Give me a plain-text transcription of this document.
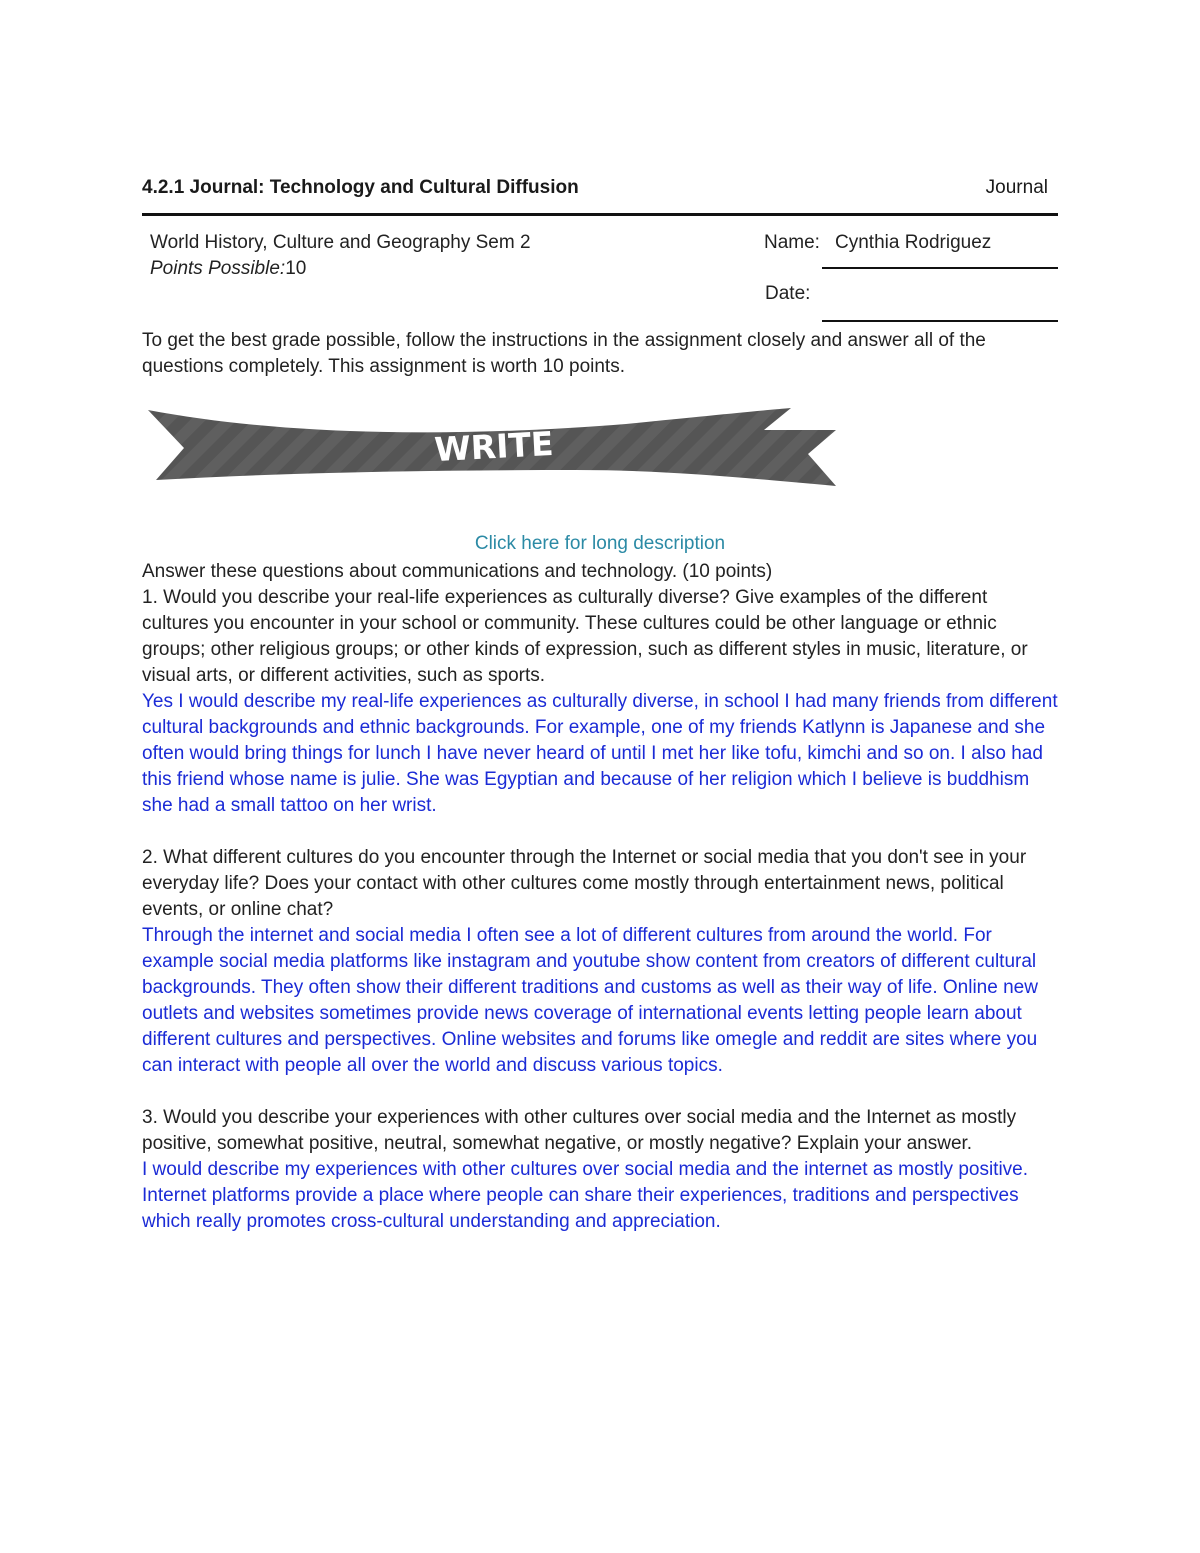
4.2.1 Journal: Technology and Cultural Diffusion	Journal
World History, Culture and Geography Sem 2
Points Possible:10
Name: Cynthia Rodriguez
Date:
To get the best grade possible, follow the instructions in the assignment closely and answer all of the questions completely. This assignment is worth 10 points.
WRITE
Click here for long description

Answer these questions about communications and technology. (10 points)

1. Would you describe your real-life experiences as culturally diverse? Give examples of the different cultures you encounter in your school or community. These cultures could be other language or ethnic groups; other religious groups; or other kinds of expression, such as different styles in music, literature, or visual arts, or different activities, such as sports.

Yes I would describe my real-life experiences as culturally diverse, in school I had many friends from different cultural backgrounds and ethnic backgrounds. For example, one of my friends Katlynn is Japanese and she often would bring things for lunch I have never heard of until I met her like tofu, kimchi and so on. I also had this friend whose name is julie. She was Egyptian and because of her religion which I believe is buddhism she had a small tattoo on her wrist.

2. What different cultures do you encounter through the Internet or social media that you don't see in your everyday life? Does your contact with other cultures come mostly through entertainment news, political events, or online chat?

Through the internet and social media I often see a lot of different cultures from around the world. For example social media platforms like instagram and youtube show content from creators of different cultural backgrounds. They often show their different traditions and customs as well as their way of life. Online new outlets and websites sometimes provide news coverage of international events letting people learn about different cultures and perspectives. Online websites and forums like omegle and reddit are sites where you can interact with people all over the world and discuss various topics.

3. Would you describe your experiences with other cultures over social media and the Internet as mostly positive, somewhat positive, neutral, somewhat negative, or mostly negative? Explain your answer.

I would describe my experiences with other cultures over social media and the internet as mostly positive. Internet platforms provide a place where people can share their experiences, traditions and perspectives which really promotes cross-cultural understanding and appreciation.
